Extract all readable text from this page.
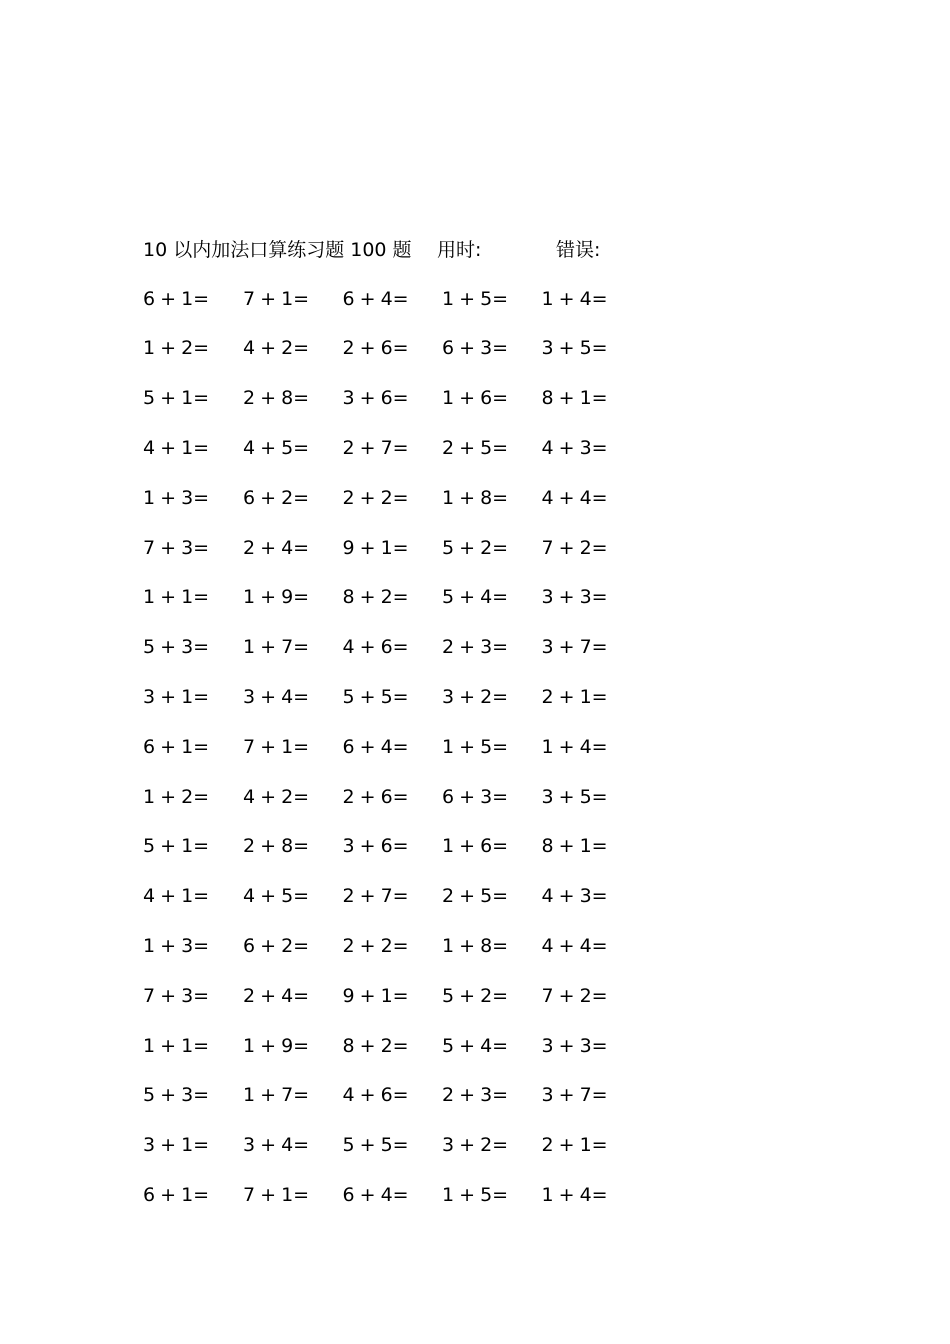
10 以内加法口算练习题 100 题 用时:	错误:
6 + 1=	7 + 1=	6 + 4=	1 + 5=	1 + 4=
1 + 2=	4 + 2=	2 + 6=	6 + 3=	3 + 5=
5 + 1=	2 + 8=	3 + 6=	1 + 6=	8 + 1=
4 + 1=	4 + 5=	2 + 7=	2 + 5=	4 + 3=
1 + 3=	6 + 2=	2 + 2=	1 + 8=	4 + 4=
7 + 3=	2 + 4=	9 + 1=	5 + 2=	7 + 2=
1 + 1=	1 + 9=	8 + 2=	5 + 4=	3 + 3=
5 + 3=	1 + 7=	4 + 6=	2 + 3=	3 + 7=
3 + 1=	3 + 4=	5 + 5=	3 + 2=	2 + 1=
6 + 1=	7 + 1=	6 + 4=	1 + 5=	1 + 4=
1 + 2=	4 + 2=	2 + 6=	6 + 3=	3 + 5=
5 + 1=	2 + 8=	3 + 6=	1 + 6=	8 + 1=
4 + 1=	4 + 5=	2 + 7=	2 + 5=	4 + 3=
1 + 3=	6 + 2=	2 + 2=	1 + 8=	4 + 4=
7 + 3=	2 + 4=	9 + 1=	5 + 2=	7 + 2=
1 + 1=	1 + 9=	8 + 2=	5 + 4=	3 + 3=
5 + 3=	1 + 7=	4 + 6=	2 + 3=	3 + 7=
3 + 1=	3 + 4=	5 + 5=	3 + 2=	2 + 1=
6 + 1=	7 + 1=	6 + 4=	1 + 5=	1 + 4=
